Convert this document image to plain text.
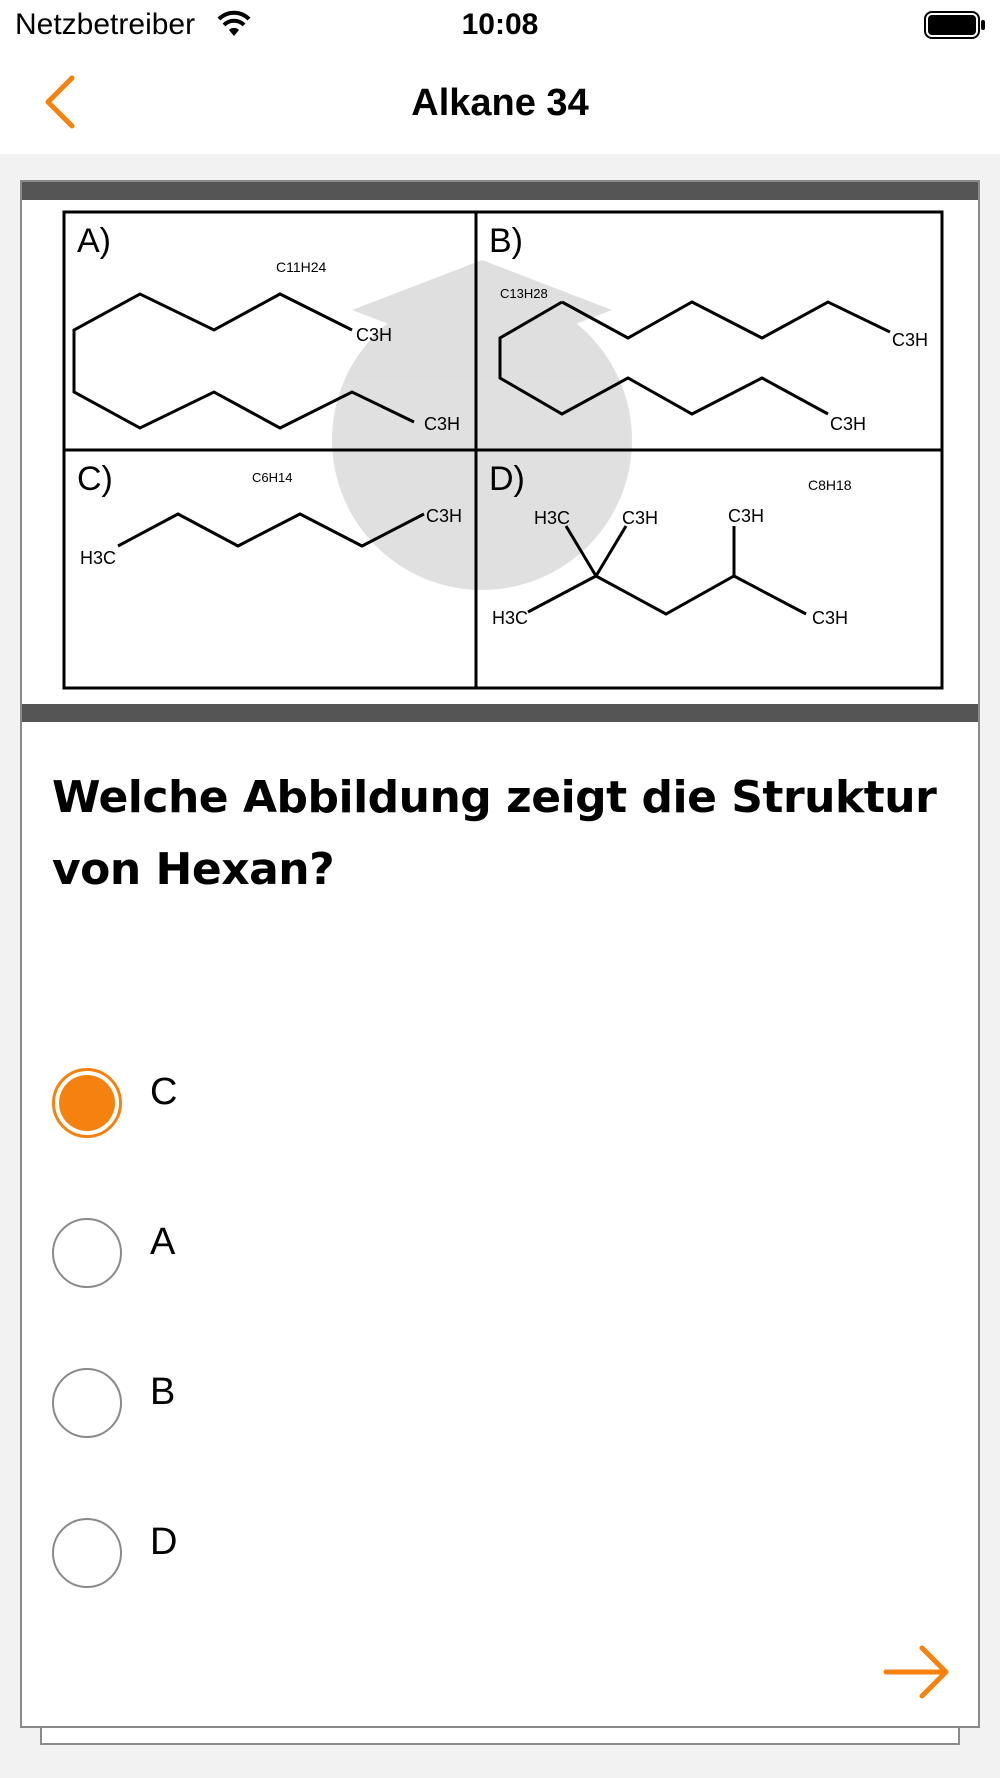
Netzbetreiber	10:08
Alkane 34
A)	B)
C)	D)
C11H24
C13H28
C6H14	C8H18
C3H
C3H
C3H
C3H
H3C
C3H	H3C	C3H	C3H
H3C	C3H
Welche Abbildung zeigt die Struktur von Hexan?
C
A
B
D
